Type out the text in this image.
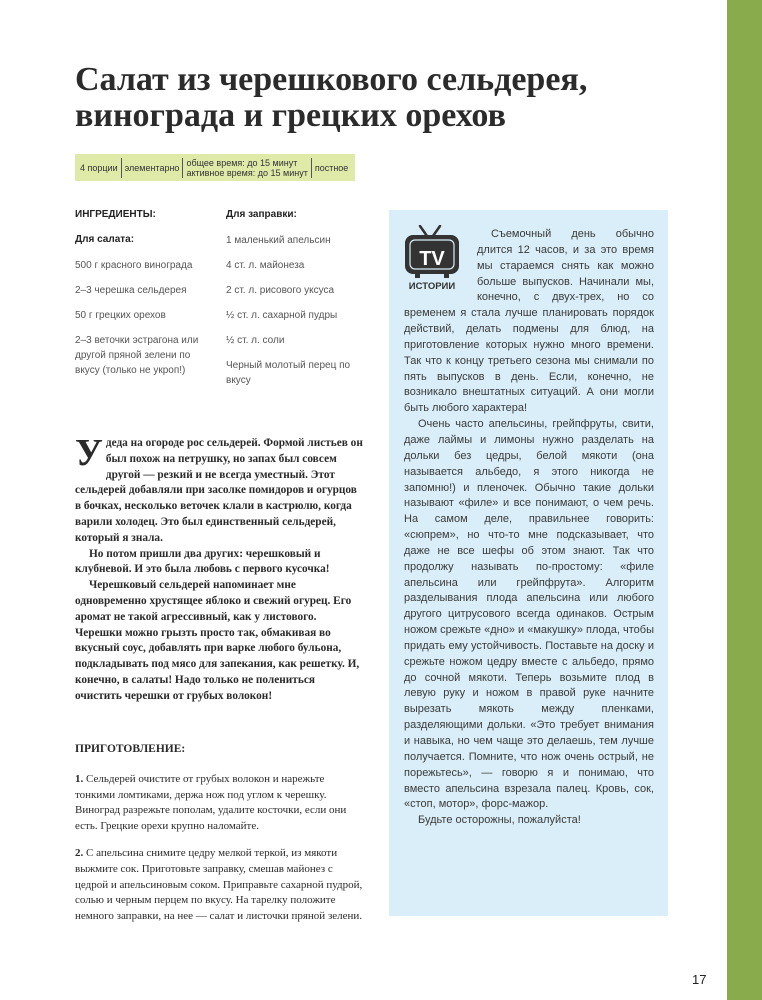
Салат из черешкового сельдерея,
винограда и грецких орехов
4 порции элементарно общее время: до 15 минут
активное время: до 15 минут постное

ИНГРЕДИЕНТЫ:

Для салата:

500 г красного винограда

2–3 черешка сельдерея

50 г грецких орехов

2–3 веточки эстрагона или другой пряной зелени по вкусу (только не укроп!)

Для заправки:

1 маленький апельсин

4 ст. л. майонеза

2 ст. л. рисового уксуса

½ ст. л. сахарной пудры

½ ст. л. соли

Черный молотый перец по вкусу

Удеда на огороде рос сельдерей. Формой листьев он был похож на петрушку, но запах был совсем другой — резкий и не всегда уместный. Этот сельдерей добавляли при засолке помидоров и огурцов в бочках, несколько веточек клали в кастрюлю, когда варили холодец. Это был единственный сельдерей, который я знала.

Но потом пришли два других: черешковый и клубневой. И это была любовь с первого кусочка!

Черешковый сельдерей напоминает мне одновременно хрустящее яблоко и свежий огурец. Его аромат не такой агрессивный, как у листового. Черешки можно грызть просто так, обмакивая во вкусный соус, добавлять при варке любого бульона, подкладывать под мясо для запекания, как решетку. И, конечно, в салаты! Надо только не полениться очистить черешки от грубых волокон!

ПРИГОТОВЛЕНИЕ:

1. Сельдерей очистите от грубых волокон и нарежьте тонкими ломтиками, держа нож под углом к черешку. Виноград разрежьте пополам, удалите косточки, если они есть. Грецкие орехи крупно наломайте.

2. С апельсина снимите цедру мелкой теркой, из мякоти выжмите сок. Приготовьте заправку, смешав майонез с цедрой и апельсиновым соком. Приправьте сахарной пудрой, солью и черным перцем по вкусу. На тарелку положите немного заправки, на нее — салат и листочки пряной зелени.

TV
ИСТОРИИ

Съемочный день обычно длится 12 часов, и за это время мы стараемся снять как можно больше выпусков. Начинали мы, конечно, с двух-трех, но со временем я стала лучше планировать порядок действий, делать подмены для блюд, на приготовление которых нужно много времени. Так что к концу третьего сезона мы снимали по пять выпусков в день. Если, конечно, не возникало внештатных ситуаций. А они могли быть любого характера!

Очень часто апельсины, грейпфруты, свити, даже лаймы и лимоны нужно разделать на дольки без цедры, белой мякоти (она называется альбедо, я этого никогда не запомню!) и пленочек. Обычно такие дольки называют «филе» и все понимают, о чем речь. На самом деле, правильнее говорить: «сюпрем», но что-то мне подсказывает, что даже не все шефы об этом знают. Так что продолжу называть по-простому: «филе апельсина или грейпфрута». Алгоритм разделывания плода апельсина или любого другого цитрусового всегда одинаков. Острым ножом срежьте «дно» и «макушку» плода, чтобы придать ему устойчивость. Поставьте на доску и срежьте ножом цедру вместе с альбедо, прямо до сочной мякоти. Теперь возьмите плод в левую руку и ножом в правой руке начните вырезать мякоть между пленками, разделяющими дольки. «Это требует внимания и навыка, но чем чаще это делаешь, тем лучше получается. Помните, что нож очень острый, не порежьтесь», — говорю я и понимаю, что вместо апельсина взрезала палец. Кровь, сок, «стоп, мотор», форс-мажор.

Будьте осторожны, пожалуйста!

17
